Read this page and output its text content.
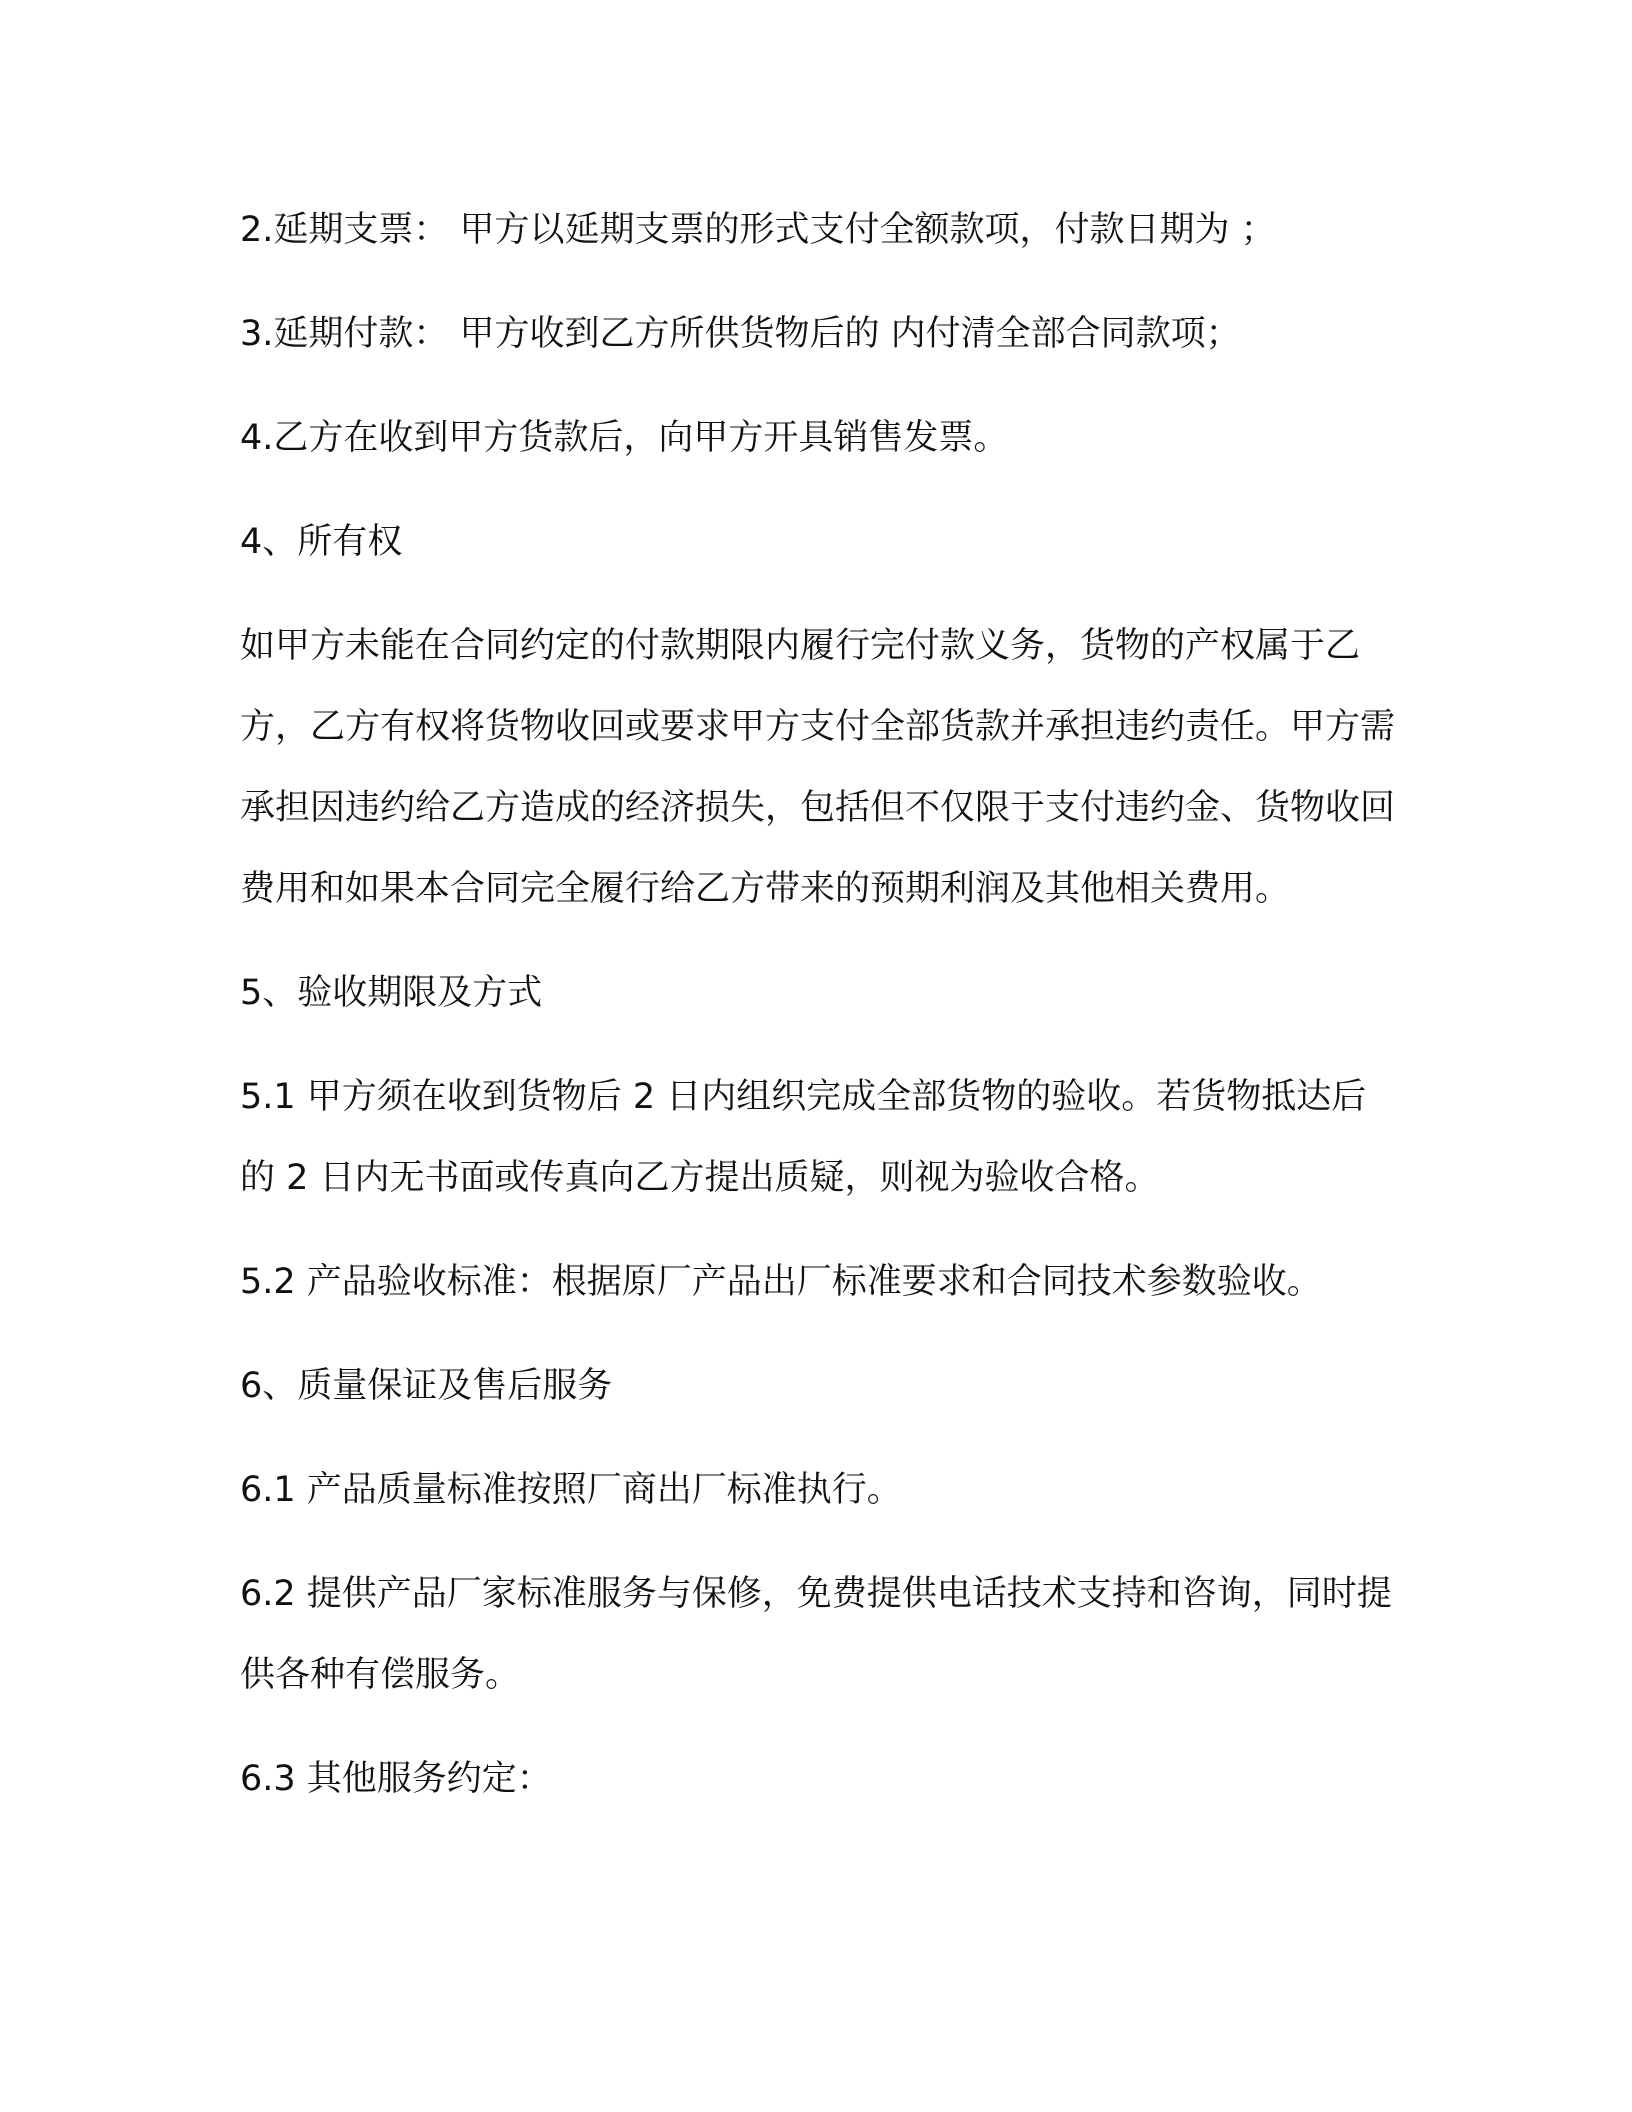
2.延期支票： 甲方以延期支票的形式支付全额款项，付款日期为 ；

3.延期付款： 甲方收到乙方所供货物后的 内付清全部合同款项；

4.乙方在收到甲方货款后，向甲方开具销售发票。

4、所有权

如甲方未能在合同约定的付款期限内履行完付款义务，货物的产权属于乙方，乙方有权将货物收回或要求甲方支付全部货款并承担违约责任。甲方需承担因违约给乙方造成的经济损失，包括但不仅限于支付违约金、货物收回费用和如果本合同完全履行给乙方带来的预期利润及其他相关费用。

5、验收期限及方式

5.1 甲方须在收到货物后 2 日内组织完成全部货物的验收。若货物抵达后的 2 日内无书面或传真向乙方提出质疑，则视为验收合格。

5.2 产品验收标准：根据原厂产品出厂标准要求和合同技术参数验收。

6、质量保证及售后服务

6.1 产品质量标准按照厂商出厂标准执行。

6.2 提供产品厂家标准服务与保修，免费提供电话技术支持和咨询，同时提供各种有偿服务。

6.3 其他服务约定：
